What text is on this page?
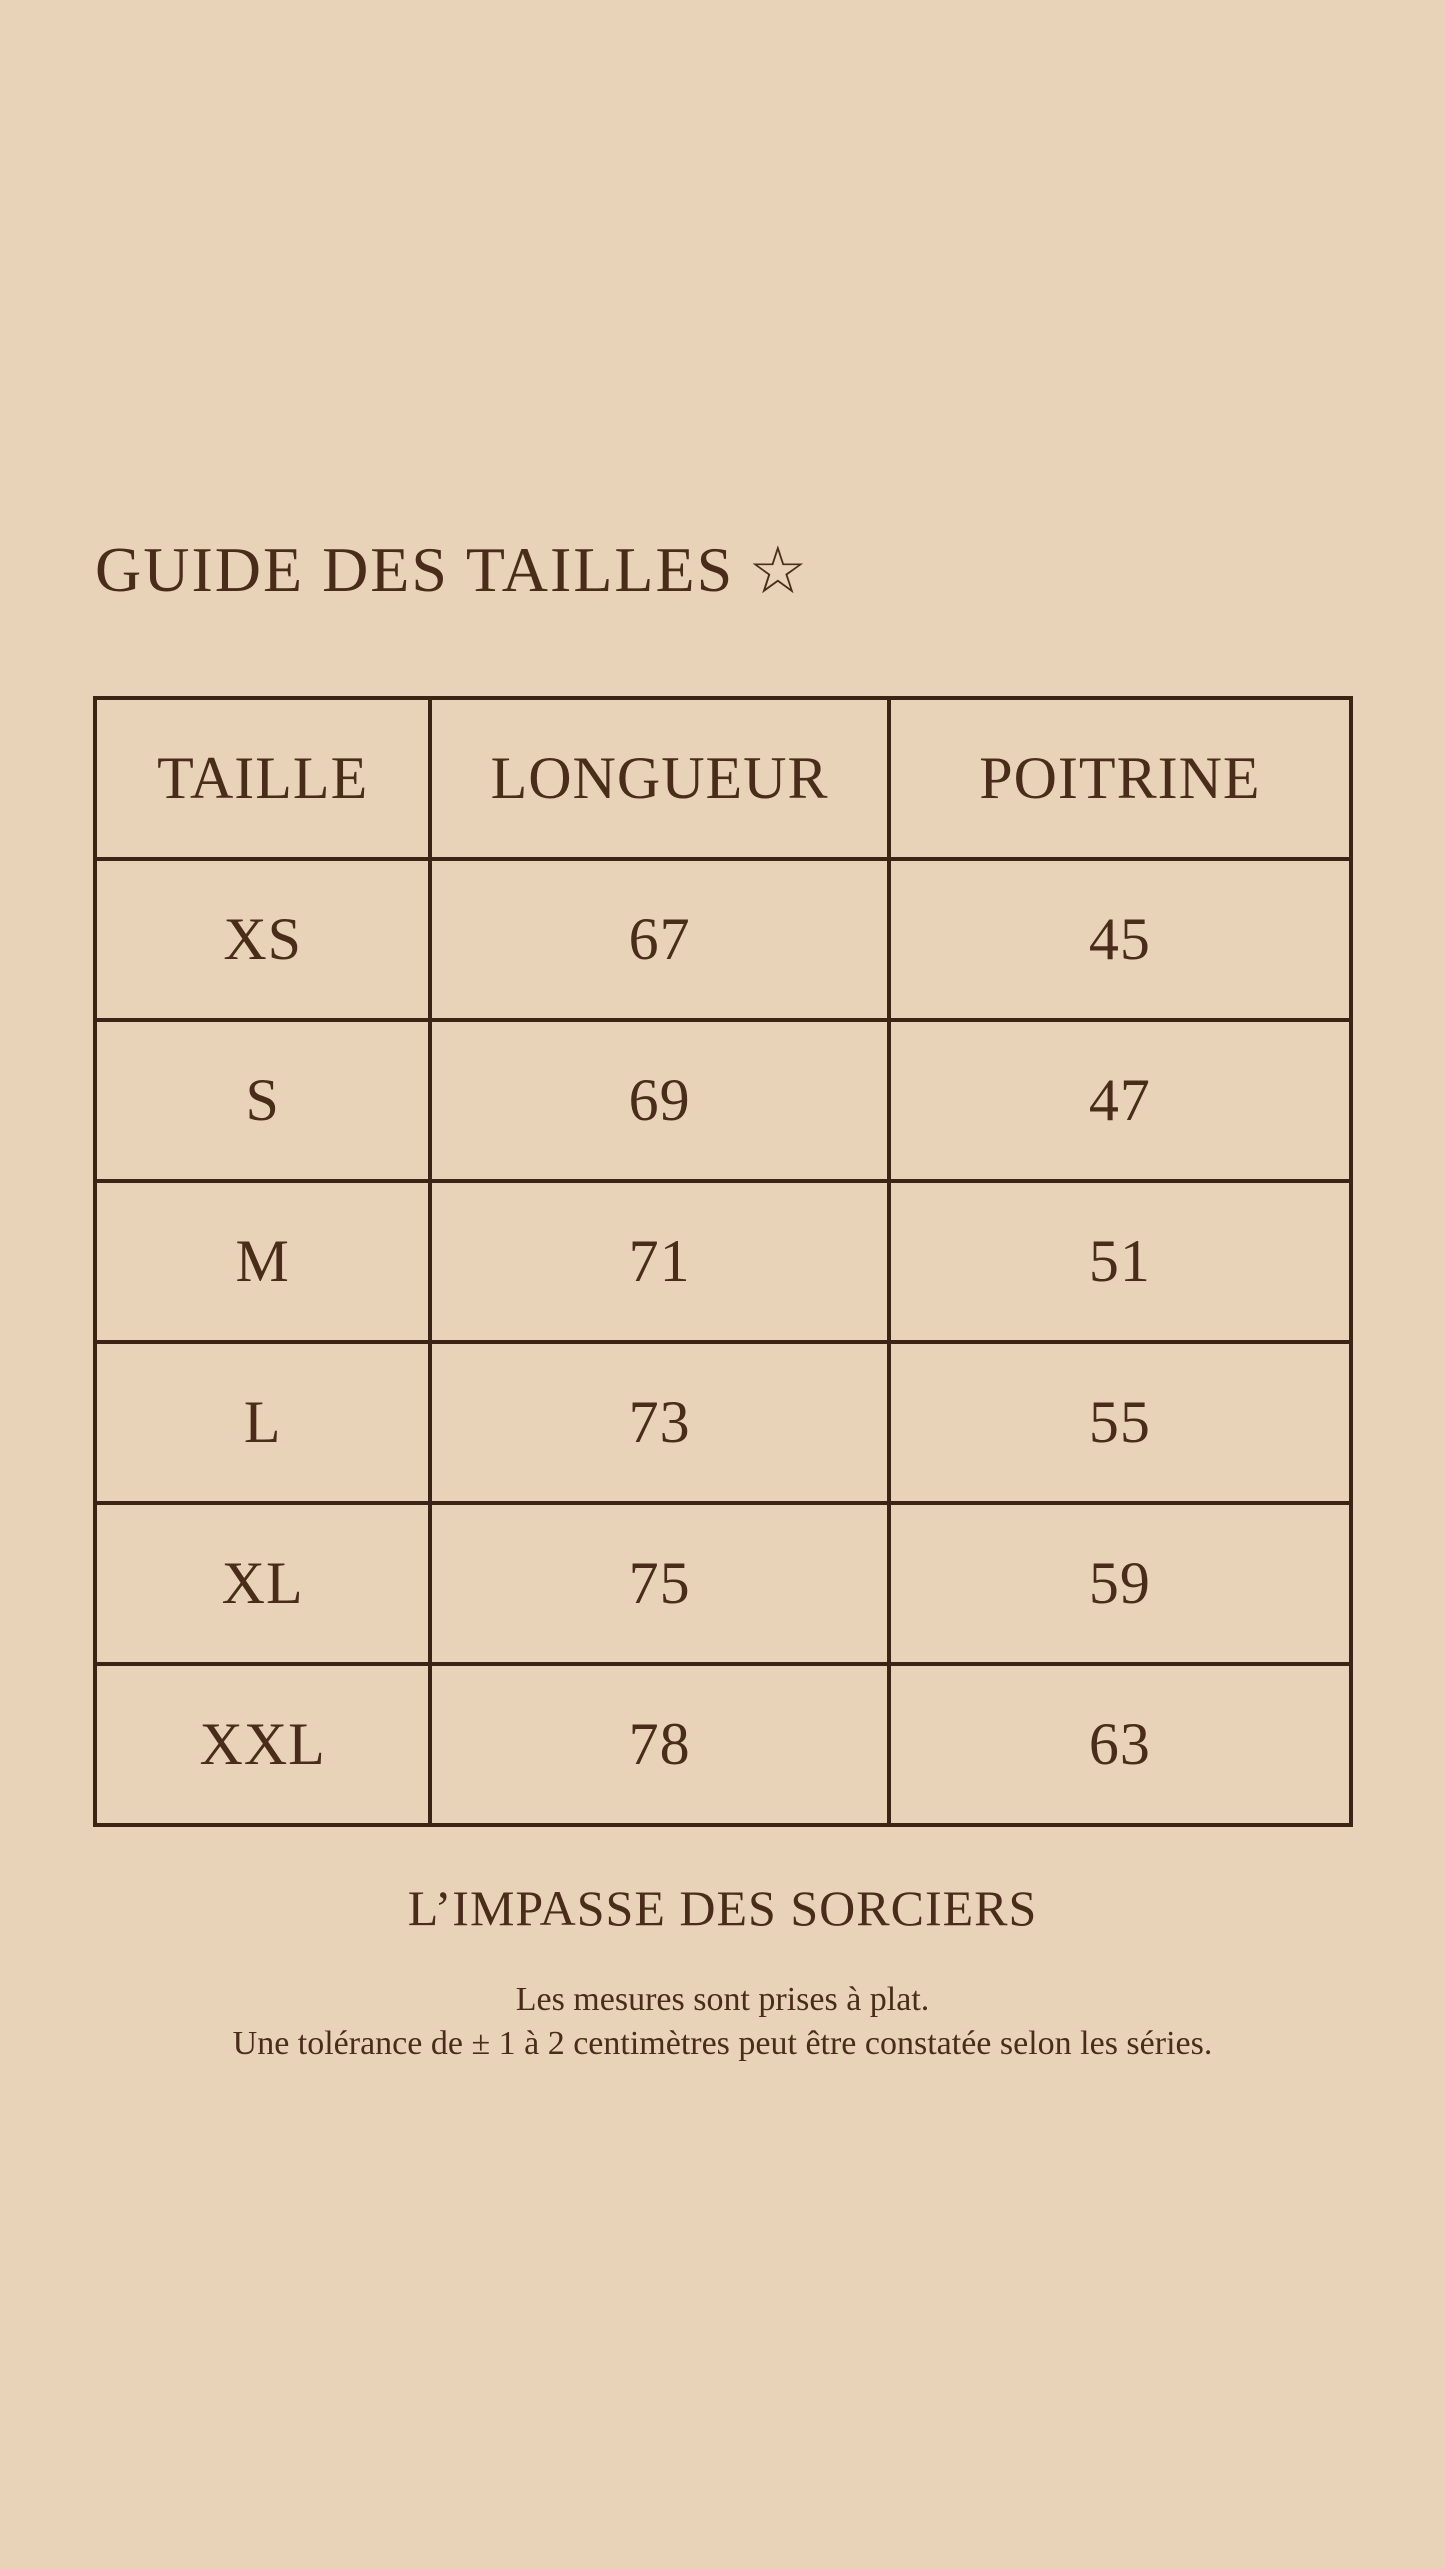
GUIDE DES TAILLES ☆
TAILLE	LONGUEUR	POITRINE
XS	67	45
S	69	47
M	71	51
L	73	55
XL	75	59
XXL	78	63
L’IMPASSE DES SORCIERS

Les mesures sont prises à plat.

Une tolérance de ± 1 à 2 centimètres peut être constatée selon les séries.
